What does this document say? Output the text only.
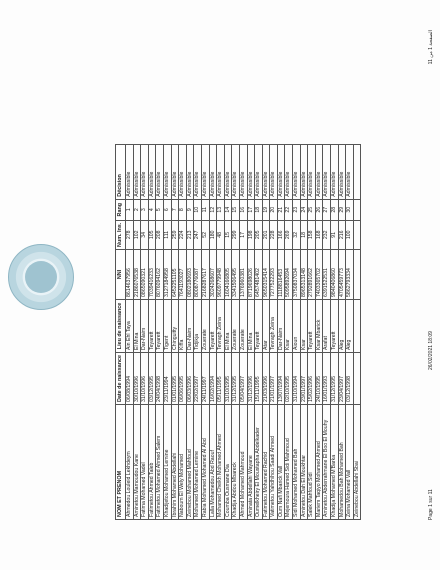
NOM ET PRENOM	Date de naissance	Lieu de naissance	NNI	Num. Ins.	Rang	Décision
Ahmedou Louleid Lekhdeym	06/08/1994	Ain Ehl Taya	8614637956	278	1	Admissible
Aminetou Mamoudou Kane	30/10/1996	El Mina	2186076538	102	2	Admissible
Fatima Mohamed Vadel	31/10/1996	Dar-Naim	0865090321	34	3	Admissible
Fatimetou Ahmed Taleb	03/12/1995	Teyarett	7039416233	105	4	Admissible
Fatimetou Mohamed Ahmed Salem	24/04/1998	Teyarett	8076094162	208	5	Admissible
Khadijetou Mohamed Lemine	23/11/1994	Tigent	3127184958	111	6	Admissible
Ibrahim Mohamed Abdellahi	01/01/1995	Chinguitty	6452251105	259	7	Admissible
Naboum El Wely Mohamed	06/06/1995	Kiffa	7641193027	224	8	Admissible
Zeinebou Mohamed Mahfoud	06/03/1996	Dar-Naim	0802180693	213	9	Admissible
Mohamed Mohamed Lemine	22/02/1997	Tidjikja	8008776087	247	10	Admissible
Rabia Mohamed Mohamed Al Abd	24/11/1997	Zouerate	2168287617	52	11	Admissible
Lalla Mohamedou Abd Raouf	16/02/1994	Teyarett	3024268607	180	12	Admissible
Mohamed Cheikh Mohamed Ahmed	05/11/1995	Tevragh Zeina	9609779948	48	13	Admissible
Coumba Ousmane Dia	31/10/1995	El Mina	1604166805	15	14	Admissible
Khadija Abdou Mbareck	31/12/1995	Zouerate	3341506495	299	15	Admissible
Ahmed Mohamed Mahmoud	05/04/1997	Zouerate	1376960381	17	16	Admissible
Aminata Abdellahi Wayane	31/12/1996	El Mina	8719698026	198	17	Admissible
Oumelkheiry El Moustapha Abdelkader	15/11/1995	Teyarett	6457481402	205	18	Admissible
Fatimetou Mohamed Rachid	21/03/1996	Atar	9650315414	201	19	Admissible
Vatimetou Yahdhihou Saadi Ahmed	21/01/1997	Tevragh Zeina	7277522293	228	20	Admissible
Oum Nafi Mbarick Vall	13/07/1994	Dar-Naim	1118816453	166	21	Admissible
Mejemoura Hamed Sidi Mahmoud	02/10/1995	Ksar	5095892694	269	22	Admissible
Sidi Mohamed Mohamed Bah	31/10/1994	Aioun	3750837034	32	23	Admissible
Aminetou Dah El Moukhtar	23/01/1997	Ksar	8965313148	18	24	Admissible
Salek Mahfoud Sidi	15/02/1996	Teyarett	2792891662	158	25	Admissible
Mariem Taqiyo Mohamed Ahmed	24/10/1995	Ksar Mbarick	7403365702	168	26	Admissible
Aminetou Abderrahmane El Boo El Mouhy	16/01/1993	Arafat	6391522531	232	27	Admissible
Khadija Mohamed M'Barka	31/12/1995	Teyarett	9840406860	91	28	Admissible
Mohamedou Bah Mohamed Bah	23/04/1997	Aleg	4705459773	216	29	Admissible
Zeina Mohamed Vall	03/12/1998	Aleg	5862793334	100	30	Admissible
Zeinebou Abdellahi Sbai							Page 1 sur 11
26/02/2021 18:09
الصفحة 1 من 11
